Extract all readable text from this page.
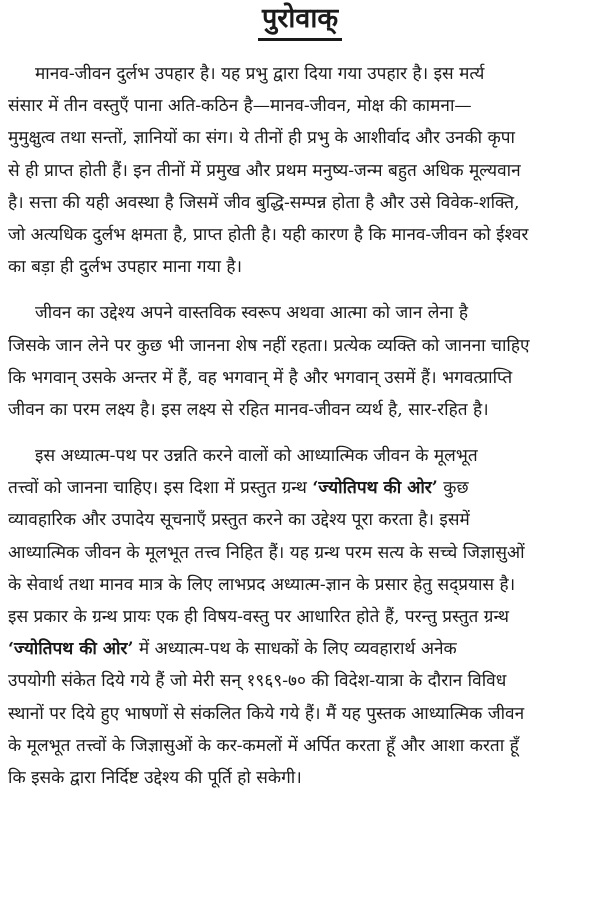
पुरोवाक्
मानव-जीवन दुर्लभ उपहार है। यह प्रभु द्वारा दिया गया उपहार है। इस मर्त्य
संसार में तीन वस्तुएँ पाना अति-कठिन है—मानव-जीवन, मोक्ष की कामना—
मुमुक्षुत्व तथा सन्तों, ज्ञानियों का संग। ये तीनों ही प्रभु के आशीर्वाद और उनकी कृपा
से ही प्राप्त होती हैं। इन तीनों में प्रमुख और प्रथम मनुष्य-जन्म बहुत अधिक मूल्यवान
है। सत्ता की यही अवस्था है जिसमें जीव बुद्धि-सम्पन्न होता है और उसे विवेक-शक्ति,
जो अत्यधिक दुर्लभ क्षमता है, प्राप्त होती है। यही कारण है कि मानव-जीवन को ईश्वर
का बड़ा ही दुर्लभ उपहार माना गया है।
जीवन का उद्देश्य अपने वास्तविक स्वरूप अथवा आत्मा को जान लेना है
जिसके जान लेने पर कुछ भी जानना शेष नहीं रहता। प्रत्येक व्यक्ति को जानना चाहिए
कि भगवान् उसके अन्तर में हैं, वह भगवान् में है और भगवान् उसमें हैं। भगवत्प्राप्ति
जीवन का परम लक्ष्य है। इस लक्ष्य से रहित मानव-जीवन व्यर्थ है, सार-रहित है।
इस अध्यात्म-पथ पर उन्नति करने वालों को आध्यात्मिक जीवन के मूलभूत
तत्त्वों को जानना चाहिए। इस दिशा में प्रस्तुत ग्रन्थ ‘ज्योतिपथ की ओर’ कुछ
व्यावहारिक और उपादेय सूचनाएँ प्रस्तुत करने का उद्देश्य पूरा करता है। इसमें
आध्यात्मिक जीवन के मूलभूत तत्त्व निहित हैं। यह ग्रन्थ परम सत्य के सच्चे जिज्ञासुओं
के सेवार्थ तथा मानव मात्र के लिए लाभप्रद अध्यात्म-ज्ञान के प्रसार हेतु सद्प्रयास है।
इस प्रकार के ग्रन्थ प्रायः एक ही विषय-वस्तु पर आधारित होते हैं, परन्तु प्रस्तुत ग्रन्थ
‘ज्योतिपथ की ओर’ में अध्यात्म-पथ के साधकों के लिए व्यवहारार्थ अनेक
उपयोगी संकेत दिये गये हैं जो मेरी सन् १९६९-७० की विदेश-यात्रा के दौरान विविध
स्थानों पर दिये हुए भाषणों से संकलित किये गये हैं। मैं यह पुस्तक आध्यात्मिक जीवन
के मूलभूत तत्त्वों के जिज्ञासुओं के कर-कमलों में अर्पित करता हूँ और आशा करता हूँ
कि इसके द्वारा निर्दिष्ट उद्देश्य की पूर्ति हो सकेगी।
